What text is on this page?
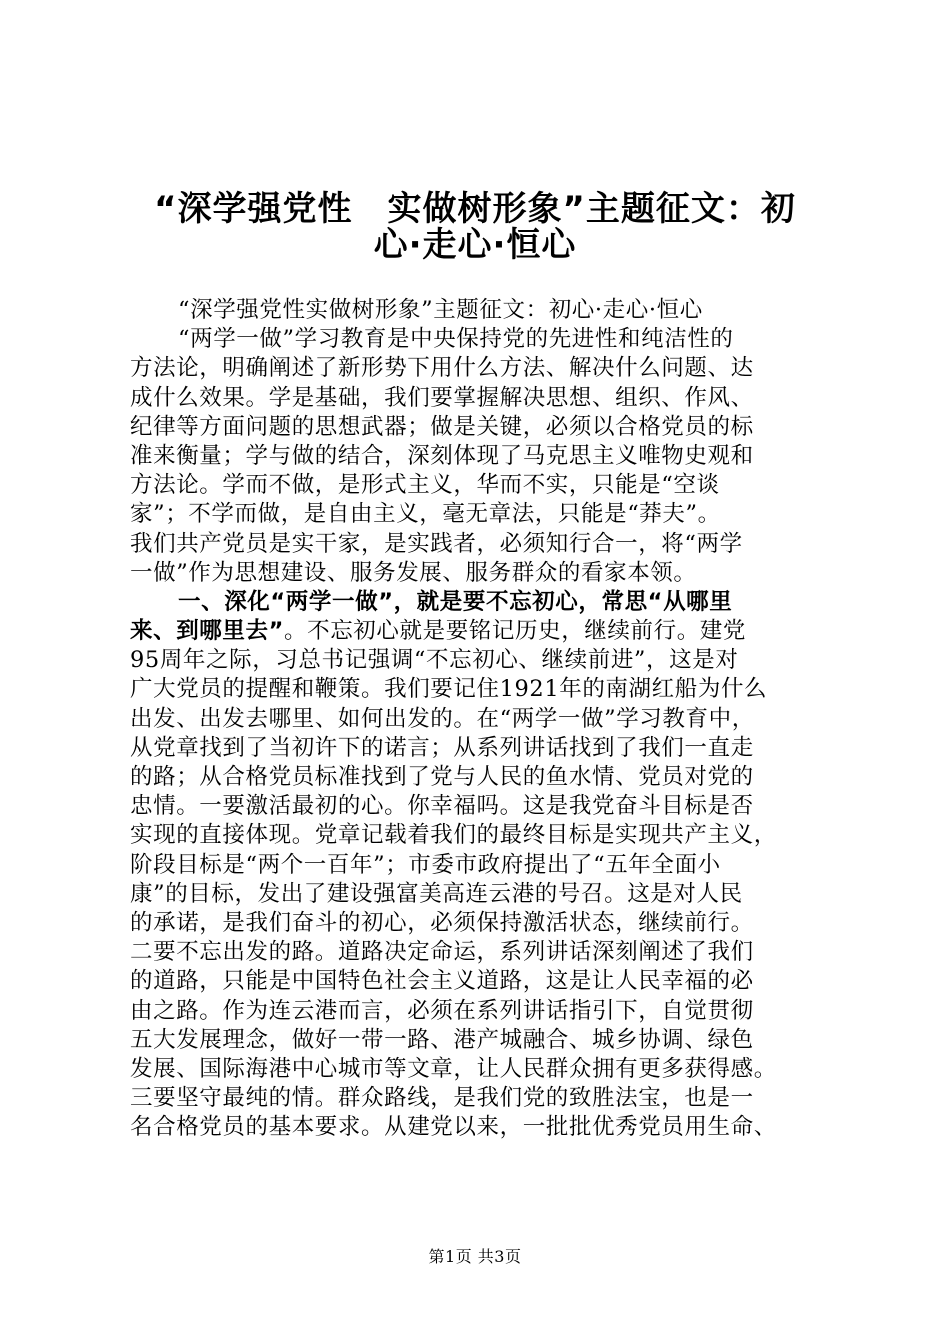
“深学强党性　实做树形象”主题征文：初
心·走心·恒心
“深学强党性实做树形象”主题征文：初心·走心·恒心
“两学一做”学习教育是中央保持党的先进性和纯洁性的
方法论，明确阐述了新形势下用什么方法、解决什么问题、达
成什么效果。学是基础，我们要掌握解决思想、组织、作风、
纪律等方面问题的思想武器；做是关键，必须以合格党员的标
准来衡量；学与做的结合，深刻体现了马克思主义唯物史观和
方法论。学而不做，是形式主义，华而不实，只能是“空谈
家”；不学而做，是自由主义，毫无章法，只能是“莽夫”。
我们共产党员是实干家，是实践者，必须知行合一，将“两学
一做”作为思想建设、服务发展、服务群众的看家本领。
一、深化“两学一做”，就是要不忘初心，常思“从哪里
来、到哪里去”。不忘初心就是要铭记历史，继续前行。建党
95周年之际，习总书记强调“不忘初心、继续前进”，这是对
广大党员的提醒和鞭策。我们要记住1921年的南湖红船为什么
出发、出发去哪里、如何出发的。在“两学一做”学习教育中，
从党章找到了当初许下的诺言；从系列讲话找到了我们一直走
的路；从合格党员标准找到了党与人民的鱼水情、党员对党的
忠情。一要激活最初的心。你幸福吗。这是我党奋斗目标是否
实现的直接体现。党章记载着我们的最终目标是实现共产主义，
阶段目标是“两个一百年”；市委市政府提出了“五年全面小
康”的目标，发出了建设强富美高连云港的号召。这是对人民
的承诺，是我们奋斗的初心，必须保持激活状态，继续前行。
二要不忘出发的路。道路决定命运，系列讲话深刻阐述了我们
的道路，只能是中国特色社会主义道路，这是让人民幸福的必
由之路。作为连云港而言，必须在系列讲话指引下，自觉贯彻
五大发展理念，做好一带一路、港产城融合、城乡协调、绿色
发展、国际海港中心城市等文章，让人民群众拥有更多获得感。
三要坚守最纯的情。群众路线，是我们党的致胜法宝，也是一
名合格党员的基本要求。从建党以来，一批批优秀党员用生命、
第1页 共3页
